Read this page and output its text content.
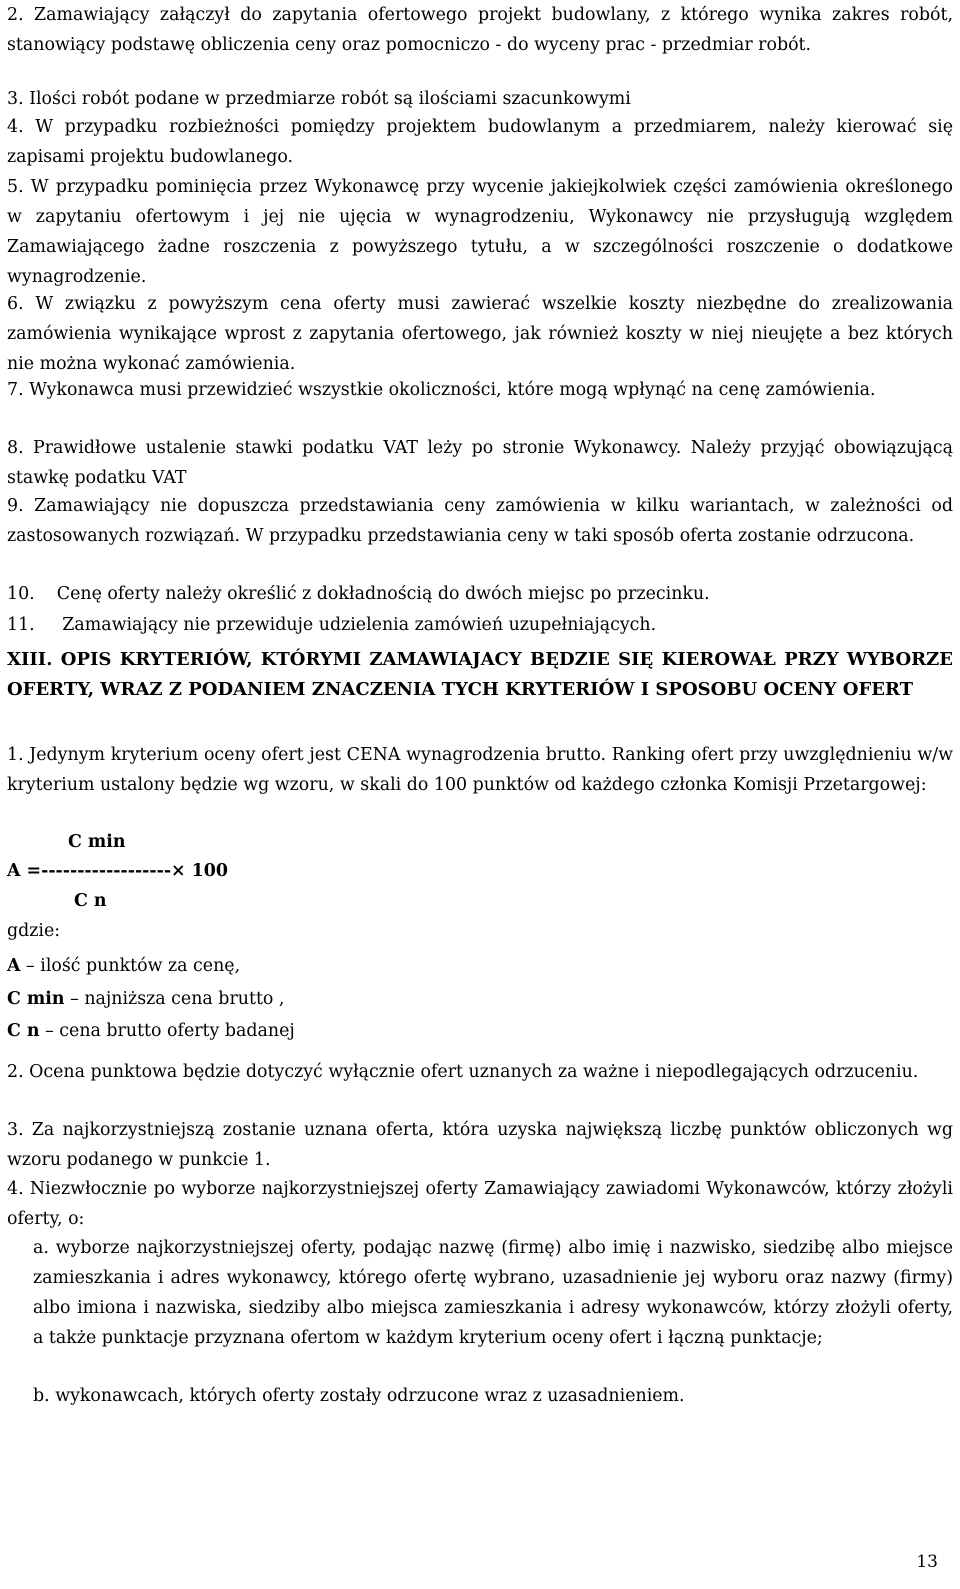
2. Zamawiający załączył do zapytania ofertowego projekt budowlany, z którego wynika zakres robót, stanowiący podstawę obliczenia ceny oraz pomocniczo - do wyceny prac - przedmiar robót.

3. Ilości robót podane w przedmiarze robót są ilościami szacunkowymi

4. W przypadku rozbieżności pomiędzy projektem budowlanym a przedmiarem, należy kierować się zapisami projektu budowlanego.

5. W przypadku pominięcia przez Wykonawcę przy wycenie jakiejkolwiek części zamówienia określonego w zapytaniu ofertowym i jej nie ujęcia w wynagrodzeniu, Wykonawcy nie przysługują względem Zamawiającego żadne roszczenia z powyższego tytułu, a w szczególności roszczenie o dodatkowe wynagrodzenie.

6. W związku z powyższym cena oferty musi zawierać wszelkie koszty niezbędne do zrealizowania zamówienia wynikające wprost z zapytania ofertowego, jak również koszty w niej nieujęte a bez których nie można wykonać zamówienia.

7. Wykonawca musi przewidzieć wszystkie okoliczności, które mogą wpłynąć na cenę zamówienia.

8. Prawidłowe ustalenie stawki podatku VAT leży po stronie Wykonawcy. Należy przyjąć obowiązującą stawkę podatku VAT

9. Zamawiający nie dopuszcza przedstawiania ceny zamówienia w kilku wariantach, w zależności od zastosowanych rozwiązań. W przypadku przedstawiania ceny w taki sposób oferta zostanie odrzucona.

10.    Cenę oferty należy określić z dokładnością do dwóch miejsc po przecinku.

11.     Zamawiający nie przewiduje udzielenia zamówień uzupełniających.

XIII. OPIS KRYTERIÓW, KTÓRYMI ZAMAWIAJACY BĘDZIE SIĘ KIEROWAŁ PRZY WYBORZE OFERTY, WRAZ Z PODANIEM ZNACZENIA TYCH KRYTERIÓW I SPOSOBU OCENY OFERT

1. Jedynym kryterium oceny ofert jest CENA wynagrodzenia brutto. Ranking ofert przy uwzględnieniu w/w kryterium ustalony będzie wg wzoru, w skali do 100 punktów od każdego członka Komisji Przetargowej:

C min
A =------------------× 100
C n
gdzie:
A – ilość punktów za cenę,
C min – najniższa cena brutto ,
C n – cena brutto oferty badanej

2. Ocena punktowa będzie dotyczyć wyłącznie ofert uznanych za ważne i niepodlegających odrzuceniu.

3. Za najkorzystniejszą zostanie uznana oferta, która uzyska największą liczbę punktów obliczonych wg wzoru podanego w punkcie 1.

4. Niezwłocznie po wyborze najkorzystniejszej oferty Zamawiający zawiadomi Wykonawców, którzy złożyli oferty, o:

a. wyborze najkorzystniejszej oferty, podając nazwę (firmę) albo imię i nazwisko, siedzibę albo miejsce zamieszkania i adres wykonawcy, którego ofertę wybrano, uzasadnienie jej wyboru oraz nazwy (firmy) albo imiona i nazwiska, siedziby albo miejsca zamieszkania i adresy wykonawców, którzy złożyli oferty, a także punktacje przyznana ofertom w każdym kryterium oceny ofert i łączną punktacje;

b. wykonawcach, których oferty zostały odrzucone wraz z uzasadnieniem.

13
